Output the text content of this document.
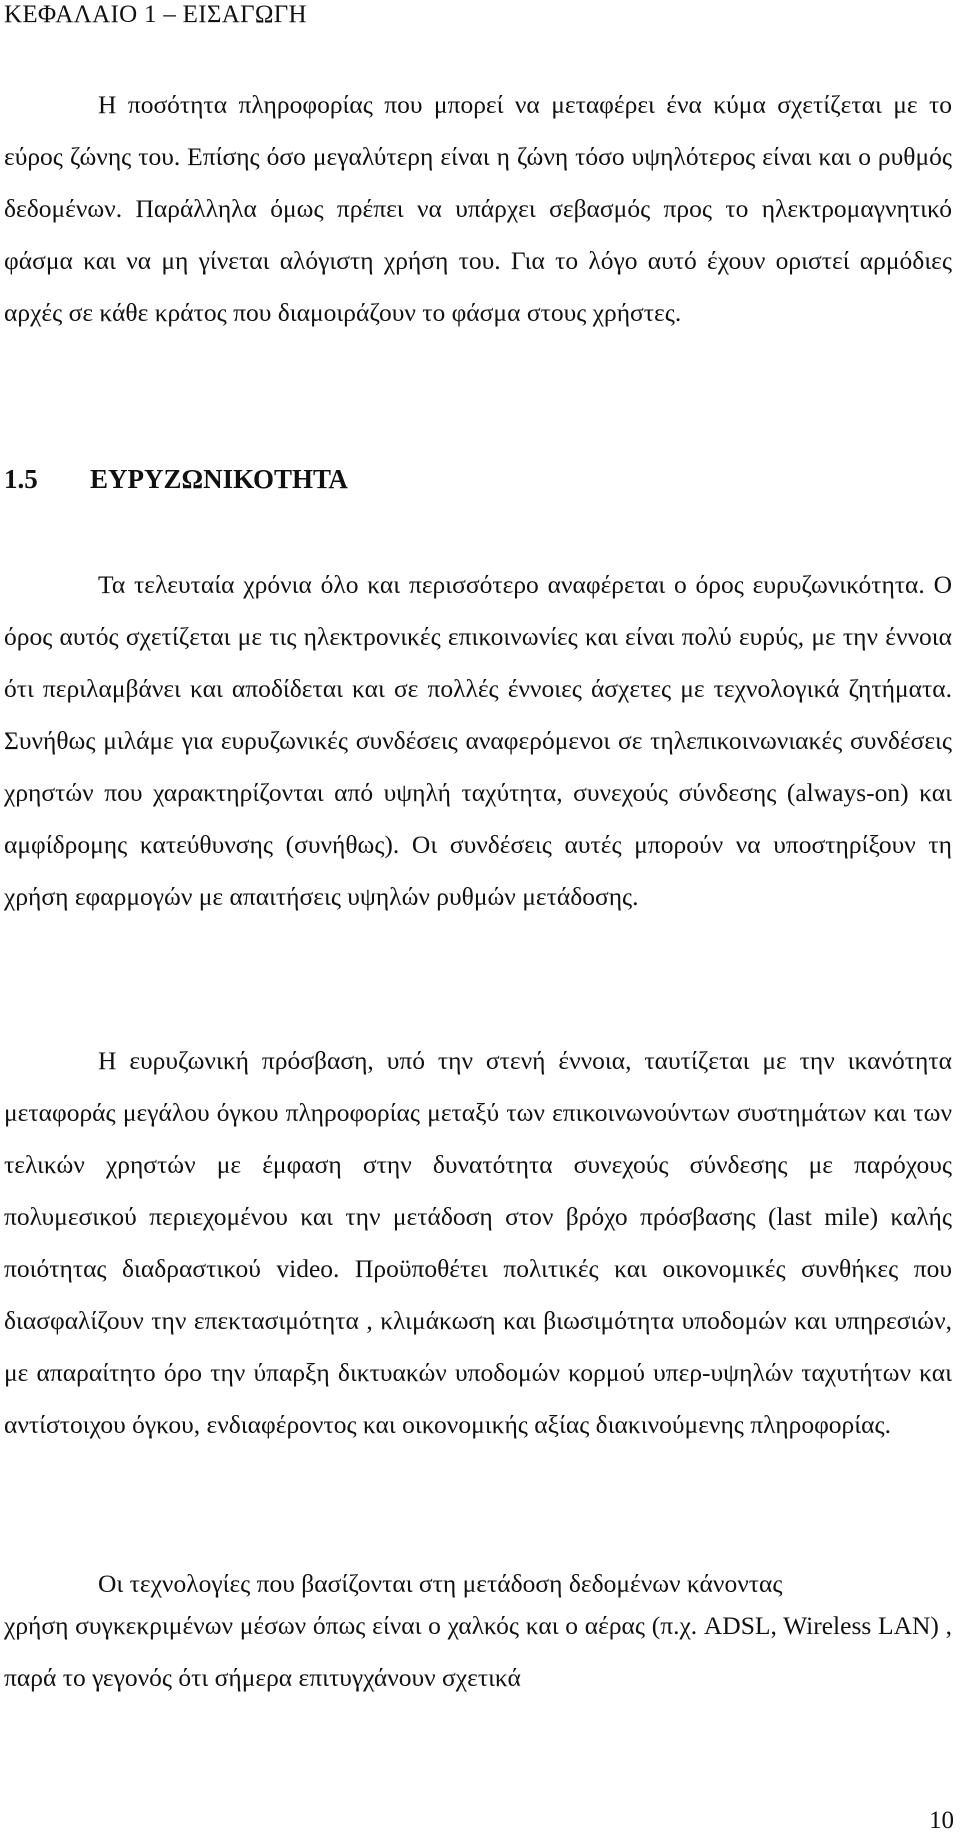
ΚΕΦΑΛΑΙΟ 1 – ΕΙΣΑΓΩΓΗ

Η ποσότητα πληροφορίας που μπορεί να μεταφέρει ένα κύμα σχετίζεται με το εύρος ζώνης του. Επίσης όσο μεγαλύτερη είναι η ζώνη τόσο υψηλότερος είναι και ο ρυθμός δεδομένων. Παράλληλα όμως πρέπει να υπάρχει σεβασμός προς το ηλεκτρομαγνητικό φάσμα και να μη γίνεται αλόγιστη χρήση του. Για το λόγο αυτό έχουν οριστεί αρμόδιες αρχές σε κάθε κράτος που διαμοιράζουν το φάσμα στους χρήστες.

1.5 ΕΥΡΥΖΩΝΙΚΟΤΗΤΑ

Τα τελευταία χρόνια όλο και περισσότερο αναφέρεται ο όρος ευρυζωνικότητα. Ο όρος αυτός σχετίζεται με τις ηλεκτρονικές επικοινωνίες και είναι πολύ ευρύς, με την έννοια ότι περιλαμβάνει και αποδίδεται και σε πολλές έννοιες άσχετες με τεχνολογικά ζητήματα. Συνήθως μιλάμε για ευρυζωνικές συνδέσεις αναφερόμενοι σε τηλεπικοινωνιακές συνδέσεις χρηστών που χαρακτηρίζονται από υψηλή ταχύτητα, συνεχούς σύνδεσης (always-on) και αμφίδρομης κατεύθυνσης (συνήθως). Οι συνδέσεις αυτές μπορούν να υποστηρίξουν τη χρήση εφαρμογών με απαιτήσεις υψηλών ρυθμών μετάδοσης.

Η ευρυζωνική πρόσβαση, υπό την στενή έννοια, ταυτίζεται με την ικανότητα μεταφοράς μεγάλου όγκου πληροφορίας μεταξύ των επικοινωνούντων συστημάτων και των τελικών χρηστών με έμφαση στην δυνατότητα συνεχούς σύνδεσης με παρόχους πολυμεσικού περιεχομένου και την μετάδοση στον βρόχο πρόσβασης (last mile) καλής ποιότητας διαδραστικού video. Προϋποθέτει πολιτικές και οικονομικές συνθήκες που διασφαλίζουν την επεκτασιμότητα , κλιμάκωση και βιωσιμότητα υποδομών και υπηρεσιών, με απαραίτητο όρο την ύπαρξη δικτυακών υποδομών κορμού υπερ-υψηλών ταχυτήτων και αντίστοιχου όγκου, ενδιαφέροντος και οικονομικής αξίας διακινούμενης πληροφορίας.

Οι τεχνολογίες που βασίζονται στη μετάδοση δεδομένων κάνοντας

χρήση συγκεκριμένων μέσων όπως είναι ο χαλκός και ο αέρας (π.χ. ADSL, Wireless LAN) , παρά το γεγονός ότι σήμερα επιτυγχάνουν σχετικά

10
